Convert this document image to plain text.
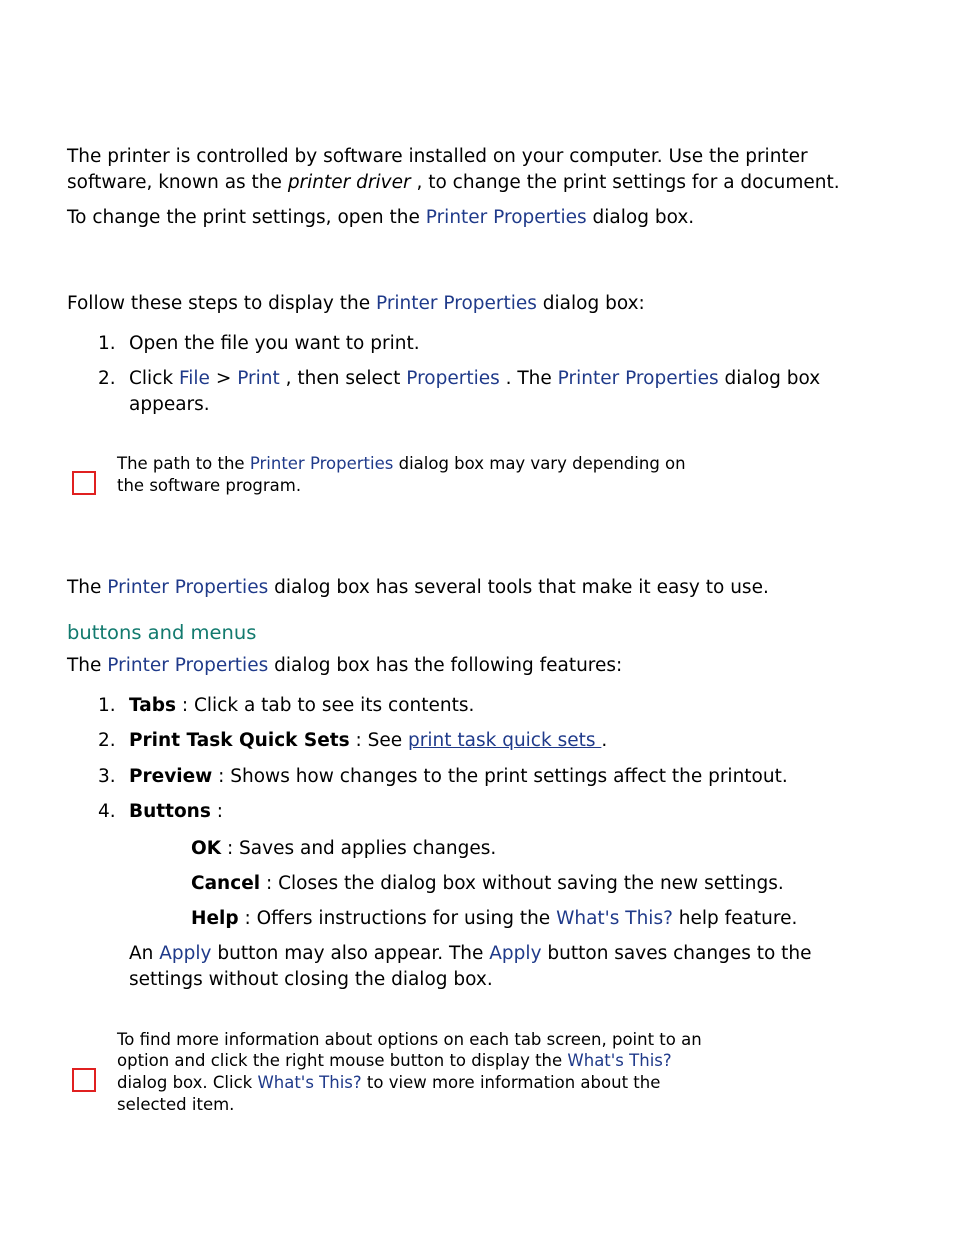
The printer is controlled by software installed on your computer. Use the printer
software, known as the printer driver , to change the print settings for a document.
To change the print settings, open the Printer Properties dialog box.
Follow these steps to display the Printer Properties dialog box:
1. Open the file you want to print.
2. Click File > Print , then select Properties . The Printer Properties dialog box
appears.
The path to the Printer Properties dialog box may vary depending on
the software program.
The Printer Properties dialog box has several tools that make it easy to use.
buttons and menus
The Printer Properties dialog box has the following features:
1. Tabs : Click a tab to see its contents.
2. Print Task Quick Sets : See print task quick sets .
3. Preview : Shows how changes to the print settings affect the printout.
4. Buttons :
OK : Saves and applies changes.
Cancel : Closes the dialog box without saving the new settings.
Help : Offers instructions for using the What's This? help feature.
An Apply button may also appear. The Apply button saves changes to the
settings without closing the dialog box.
To find more information about options on each tab screen, point to an
option and click the right mouse button to display the What's This?
dialog box. Click What's This? to view more information about the
selected item.
